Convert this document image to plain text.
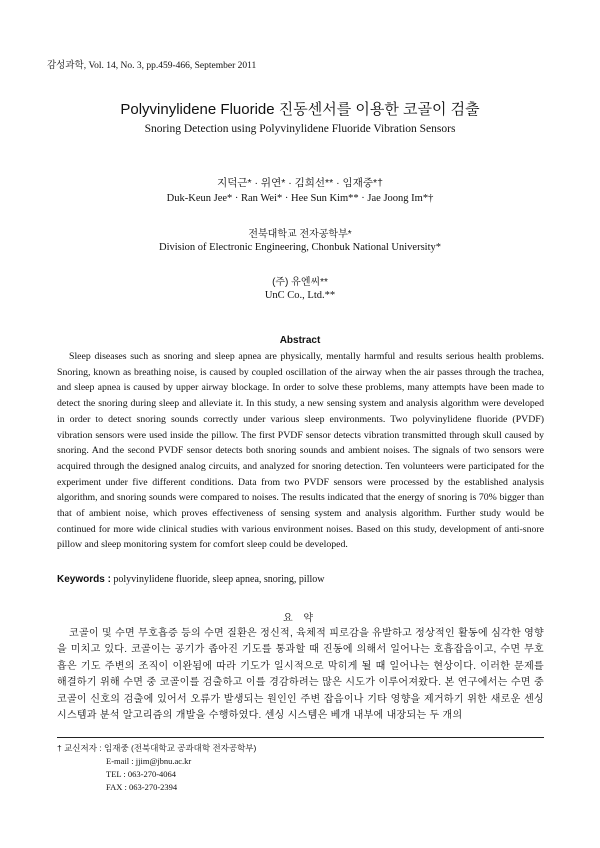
감성과학, Vol. 14, No. 3, pp.459-466, September 2011
Polyvinylidene Fluoride 진동센서를 이용한 코골이 검출
Snoring Detection using Polyvinylidene Fluoride Vibration Sensors
지덕근* · 위연* · 김희선** · 임재중*†
Duk-Keun Jee* · Ran Wei* · Hee Sun Kim** · Jae Joong Im*†
전북대학교 전자공학부*
Division of Electronic Engineering, Chonbuk National University*
(주) 유엔씨**
UnC Co., Ltd.**
Abstract

Sleep diseases such as snoring and sleep apnea are physically, mentally harmful and results serious health problems. Snoring, known as breathing noise, is caused by coupled oscillation of the airway when the air passes through the trachea, and sleep apnea is caused by upper airway blockage. In order to solve these problems, many attempts have been made to detect the snoring during sleep and alleviate it. In this study, a new sensing system and analysis algorithm were developed in order to detect snoring sounds correctly under various sleep environments. Two polyvinylidene fluoride (PVDF) vibration sensors were used inside the pillow. The first PVDF sensor detects vibration transmitted through skull caused by snoring. And the second PVDF sensor detects both snoring sounds and ambient noises. The signals of two sensors were acquired through the designed analog circuits, and analyzed for snoring detection. Ten volunteers were participated for the experiment under five different conditions. Data from two PVDF sensors were processed by the established analysis algorithm, and snoring sounds were compared to noises. The results indicated that the energy of snoring is 70% bigger than that of ambient noise, which proves effectiveness of sensing system and analysis algorithm. Further study would be continued for more wide clinical studies with various environment noises. Based on this study, development of anti-snore pillow and sleep monitoring system for comfort sleep could be developed.

Keywords : polyvinylidene fluoride, sleep apnea, snoring, pillow
요 약

코골이 및 수면 무호흡증 등의 수면 질환은 정신적, 육체적 피로감을 유발하고 정상적인 활동에 심각한 영향을 미치고 있다. 코골이는 공기가 좁아진 기도를 통과할 때 진동에 의해서 일어나는 호흡잡음이고, 수면 무호흡은 기도 주변의 조직이 이완됨에 따라 기도가 일시적으로 막히게 될 때 일어나는 현상이다. 이러한 문제를 해결하기 위해 수면 중 코골이를 검출하고 이를 경감하려는 많은 시도가 이루어져왔다. 본 연구에서는 수면 중 코골이 신호의 검출에 있어서 오류가 발생되는 원인인 주변 잡음이나 기타 영향을 제거하기 위한 새로운 센싱 시스템과 분석 알고리즘의 개발을 수행하였다. 센싱 시스템은 베개 내부에 내장되는 두 개의

† 교신저자 : 임재중 (전북대학교 공과대학 전자공학부)
E-mail : jjim@jbnu.ac.kr
TEL : 063-270-4064
FAX : 063-270-2394
